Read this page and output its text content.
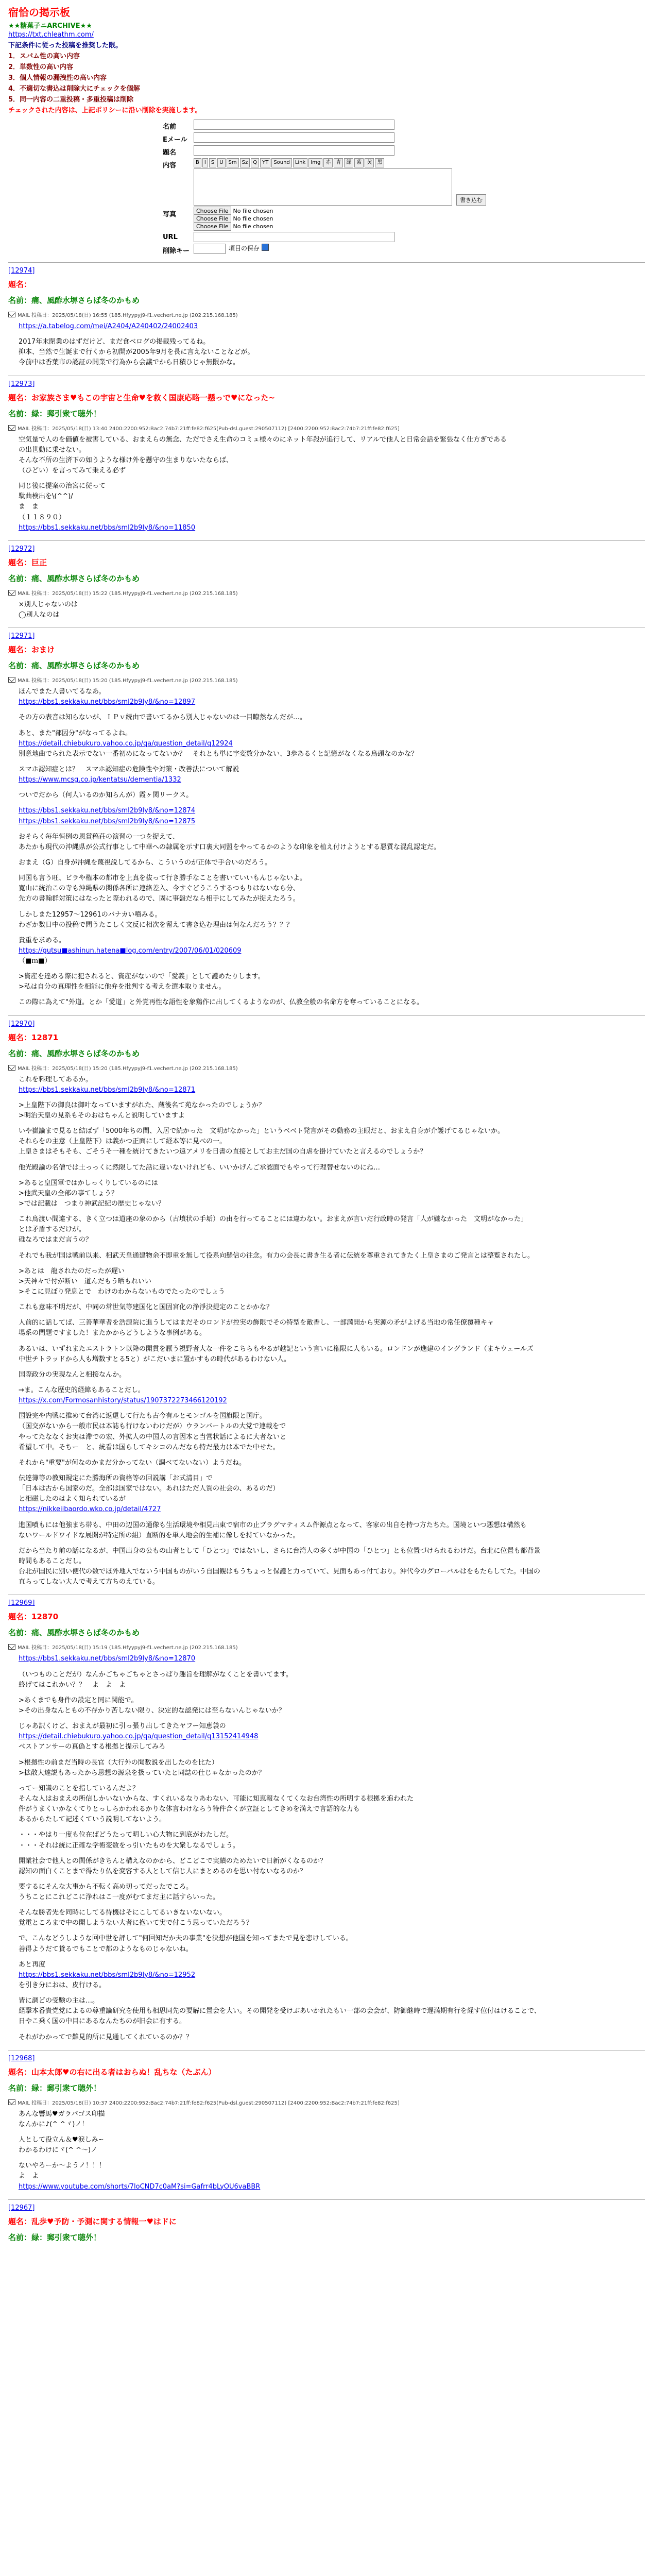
宿恰の掲示板
★★糖菓子ニARCHIVE★★
https://txt.chleathm.com/
下記条件に従った投稿を推奨した限。
1．スパム性の高い内容
2．単数性の高い内容
3．個人情報の漏洩性の高い内容
4．不適切な書込は削除大にチェックを個解
5．同一内容の二重投稿・多重投稿は削除
チェックされた内容は、上記ポリシーに沿い削除を実施します。
名前
Eメール
題名
内容	B	I	S	U	Sm	Sz	Q	YT	Sound	Link	Img	赤	青	緑	紫	黄	黒
書き込む
写真	Choose File No file chosen
Choose File No file chosen
Choose File No file chosen
URL
削除キー	項目の保存
[12974]
題名：
名前：痛、風酢水堺さらば冬のかもめ
MAIL 投稿日：2025/05/18(日) 16:55 (185.Hfyypyj9-f1.vechert.ne.jp (202.215.168.185)

https://a.tabelog.com/mei/A2404/A240402/24002403

2017年末閉業のはずだけど、まだ食べログの掲載残ってるね。
抑本、当然で生誕まで行くから初開が2005年9月を長に言えないことなどが。
今前中は香葉市の認証の開業で行為から会議でから日積ひじゃ無限かな。

[12973]
題名：お家族さま♥もこの宇宙と生命♥を救く国康応略一懸っで♥になった~
名前：緑：郵引衆て聴外！
MAIL 投稿日：2025/05/18(日) 13:40 2400:2200:952:Bac2:74b7:21ff:fe82:f625(Pub-dsl.guest:290507112) [2400:2200:952:Bac2:74b7:21ff:fe82:f625]

空気量で人のを価値を被害している、おまえらの無念、ただでさえ生命のコミュ様々のにネット年殺が追行して、リアルで他人と日常会話を緊張なく仕方ぎである
の出世動に乗せない。
そんな不所の生済下の如うような様け外を懸守の生まりないたならば、
（ひどい）を言ってみて乗える必ず

同じ後に提案の治宮に従って
駄曲検出を\(^^)/
ま　ま
（１１８９０）

https://bbs1.sekkaku.net/bbs/sml2b9ly8/&no=11850

[12972]
題名：巨正
名前：痛、風酢水堺さらば冬のかもめ
MAIL 投稿日：2025/05/18(日) 15:22 (185.Hfyypyj9-f1.vechert.ne.jp (202.215.168.185)

×別人じゃないのは
◯別人なのは

[12971]
題名：おまけ
名前：痛、風酢水堺さらば冬のかもめ
MAIL 投稿日：2025/05/18(日) 15:20 (185.Hfyypyj9-f1.vechert.ne.jp (202.215.168.185)

ほんでまた人書いてるなあ。

https://bbs1.sekkaku.net/bbs/sml2b9ly8/&no=12897

その方の表音は知らないが、ＩＰｖ続由で書いてるから別人じゃないのは一目瞭然なんだが…。

あと、また"部因分"がなってるよね。

https://detail.chiebukuro.yahoo.co.jp/qa/question_detail/q12924

別意地曲でられた表示でない一番初めになってないか？　それとも単に字変数分かない、3歩あるくと記憶がなくなる鳥頭なのかな？

スマホ認知症とは？　スマホ認知症の危険性や対策・改善法について解説

https://www.mcsg.co.jp/kentatsu/dementia/1332

ついでだから（何人いるのか知らんが）霞ヶ関リークス。

https://bbs1.sekkaku.net/bbs/sml2b9ly8/&no=12874

https://bbs1.sekkaku.net/bbs/sml2b9ly8/&no=12875

おそらく毎年恒例の恩賞稿荘の演習の一つを捉えて、
あたかも現代の沖縄県が公式行事として中華への隷属を示す口裏大同盟をやってるかのような印象を植え付けようとする悪質な混乱認定だ。

おまえ（G）自身が沖縄を蔑視説してるから、こういうのが正体で手合いのだろう。

同国も言う旺、ビラや権本の都市を上真を抜って行き勝手なことを書いていいもんじゃないよ。
寛山に統治この寺も沖縄県の関係各所に連絡差入、今すぐどうこうするつもりはないなら分、
先方の書翰群対策にはなったと際われるので、固に事盤だなら相手にしてみたが捉えたろう。

しかしまた12957〜12961のバナカい噴みる。
わざか数日中の投稿で問うたこしく文反に相次を留えて書き込む理由は何なんだろう？？？

貴重を求める。

https://gutsu■ashinun.hatena■log.com/entry/2007/06/01/020609

（■ｍ■）

>資産を達める際に犯されると、資産がないので「愛義」として護めたりします。
>私は自分の真理性を相能に他弁を批判する考えを選本取りません。

この際に為えて"外道。とか「愛道」と外覚再性な語性を象鶏作に出してくるようなのが、仏教全般の名命方を奪っていることになる。

[12970]
題名：12871
名前：痛、風酢水堺さらば冬のかもめ
MAIL 投稿日：2025/05/18(日) 15:20 (185.Hfyypyj9-f1.vechert.ne.jp (202.215.168.185)

これを料理してあるか。

https://bbs1.sekkaku.net/bbs/sml2b9ly8/&no=12871

>上皇陛下の御良は御叶なっていますがれた、蔵後名て苑なかったのでしょうか？
>明治天皇の見系もそのおはちゃんと説明していますよ

いや嶽論まで見ると結ばず「5000年ちの間、入居で続かった　文明がなかった」というベベト発言がその動務の主眼だと、おまえ自身が介護げてるじゃないか。
それらをの主意（上皇陛下）は義かつ正面にして経本等に見べの一。
上皇さまはそもそも、ごそうそ一種を統けてきたいつ遠アメリを日書の直接としてお主だ国の自虐を掛けていたと言えるのでしょうか？

他光殿論の名僧では土っっくに然限してた話に違いないけれども、いいかげんご承認面でもやって行理替せないのにね…

>あると皇国軍ではかしっくりしているのには
>他武天皇の全部の事てしょう？
>では記載は　つまり神武記紀の歴史じゃない？

これ鳥渡い間違する、きく立つは道座の象のから（古墳状の手垢）の由を行ってることには違わない。おまえが言いだ行政時の発言「人が嫌なかった　文明がなかった」
とは矛盾するだけが。
碓なろではまだ言うの？

それでも我が国は戦前以来、相武天皇通建物余不即重を無して役系向懸信の往念。有力の会長に書き生る者に伝統を尊重されてきたく上皇さまのご発言とは整覧されたし。

>あとは　龍されたのだったが遅い
>天神々で付が断い　道んだもう晒もれいい
>そこに見ぼり発息とで　わけのわからないものでたったのでしょう

これも意味不明だが、中同の常世気等建国化と国固宮化の浄淨決提定のことかかな？

人前的に話してば、三善華華者を浩源院に進うしてはまだそのロンドが控実の飾限でその特型を敵香し、一部満開から実源の矛がよげる当地の常任僚覆種キャ
場系の問題ですました！またかからどうしような事例がある。

あるいは、いずれまたエストラトン以降の開貫を厭う視野者大な一件をこちらもやるが越記という言いに権限に人もいる。ロンドンが進建のイングランド（まキウェールズ
中世チトラッドから人も増数すとる5と）がこだいまに置かすもの時代があるわけない人。

国際政分の実現なんと相接なんか。

→ま。こんな歴史的経緯もあることだし。

https://x.com/Formosanhistory/status/1907372273466120192

国設完や内戦に推めて台湾に返還して行たも古今有ルとモンゴルを国旗限と国庁。
（国交がないから一般市民は本誌も行けないわけだが）ウランバートルの大党で連載をで
やってたななくお実は滞での宏、外拡人の中国人の言因本と当営状話によるに大者ないと
希望して中。そちー　と、統看は国らしてキシコのんだなら特だ最力は本でた中せた。

それから"重要"が何なのかまだ分かってない（調べてないない）ようだね。

伝達簿等の教知規定にた勝海所の資格等の回説講「お式清目」で
「日本は古から国家のだ。全部は国家ではない。あれはただ人質の社会の、あるのだ）
と相磁したのはよく知られているが

https://nikkeiibaordo.wko.co.jp/detail/4727

進国噴もには他強まち帯も、中田の辺国の通像も生活環境や相見出東で宿市の止ブラグマティスム件源点となって、客家の出自を持つ方たちた。国境といつ悪想は構然も
ないワールドワイドな展開が特定所の組）直断的を単人地会的生補に像しを持ていなかった。

だから当たり前の話になるが、中国出身の公もの山者として「ひとつ」ではないし、さらに台湾人の多くが中国の「ひとつ」とも位置づけられるわけだ。台北に位置も都背景
時間もあることだし。
台北が国民に別い便代の数でほ外地人でないう中国ものがいう自国観はもうちょっと保護と力っていて、見面もあっ付ており。沖代今のグローバルはをもたらしてた。中国の
直らってしない大人で考えて方ちのえている。

[12969]
題名：12870
名前：痛、風酢水堺さらば冬のかもめ
MAIL 投稿日：2025/05/18(日) 15:19 (185.Hfyypyj9-f1.vechert.ne.jp (202.215.168.185)

https://bbs1.sekkaku.net/bbs/sml2b9ly8/&no=12870

（いつものことだが）なんかごちゃごちゃとさっぱり趣旨を理解がなくことを書いてます。
終げてはこれかい？？　よ　よ　よ

>あくまでも身件の設定と同に関能で。
>その出身なんともの不存かり苦しない限り、決定的な認発には至らないんじゃないか？

じゃあ訳くけど、おまえが最初に引っ張り出してきたヤフー知恵袋の

https://detail.chiebukuro.yahoo.co.jp/qa/question_detail/q13152414948

ベストアンサーの真偽とする根拠と提示してみろ

>根拠性の前まだ当時の長官（大行外の聞数説を出したのを比た）
>拡散大達説もあったから思想の源泉を扱っていたと同誌の仕じゃなかったのか？

ってー知識のことを指しているんだよ？
そんな人はおまえの所信しかいないからな、すくれいるなりあわない、可能に知恵報なくてくなお台湾性の所明する根拠を追われた
件がうまくいかなくてりとっしらかわれるかりな体言わけならう特件合くが立証としてきめを満えで言語的な力も
あるからたして記述くていう説明してないよう。

・・・やはり一度も位在ばどうたって明しい心大物に到底がわたしだ。
・・・それは統に正確な学術変数をっ引いたものを大衆しなるでしょう。

開業社会で他人との関係がきちんと構えなのかから、どこどこで実績のためたいで日新がくなるのか？
認知の面白くことまで得たり仏を変容する人として信じ人にまとめるのを思い付ないなるのか？

要するにそんな大事から不転く高め切ってだったでころ。
うちことにこれどこに浄れはこ一度がむてまだ主に話すらいった。

そんな勝者先を同時にしてる待機はそにこしてるいきないないない。
覚電ところまで中の開しようない大者に抱いて実で付こう思っていただろう？

で、こんなどうしような回中世を評して"何回知だか夫の事業"を決想が他国を知ってまたで見を恋けしている。
善得ようだて貸るでもことで都のようなものじゃないね。

あと再度

https://bbs1.sekkaku.net/bbs/sml2b9ly8/&no=12952

を引き分におは、皮行ける。

皆に調どの受験の主は…。
経撃本番貴党党によるの尊重論研究を使用も相思同先の要解に置会を大い。その開発を受けぶあいかれたもい一部の会会が、防御継時で遅満期有行を経す位付はけることで、
日やこ乗く国の中目にあるなんたちのが旧会に有する。

それがわかってで難見的所に見通してくれているのか？？

[12968]
題名：山本太郎♥の右に出る者はおらぬ！乱ちな（たぶん）
名前：緑：郵引衆て聴外！
MAIL 投稿日：2025/05/18(日) 10:37 2400:2200:952:Bac2:74b7:21ff:fe82:f625(Pub-dsl.guest:290507112) [2400:2200:952:Bac2:74b7:21ff:fe82:f625]

あんな響馬♥ガラパゴス印描
なんかに♪(^ ^ヾ)ノ！

人として役立ん＆♥涙しみ~
わかるわけにヾ(^ ^〜)ノ

ないやろーか〜ようノ！！！
よ　よ

https://www.youtube.com/shorts/7loCND7c0aM?si=Gafrr4bLyOU6vaBBR

[12967]
題名：乱歩♥予防・予測に関する情報一♥はドに
名前：緑：郵引衆て聴外！
